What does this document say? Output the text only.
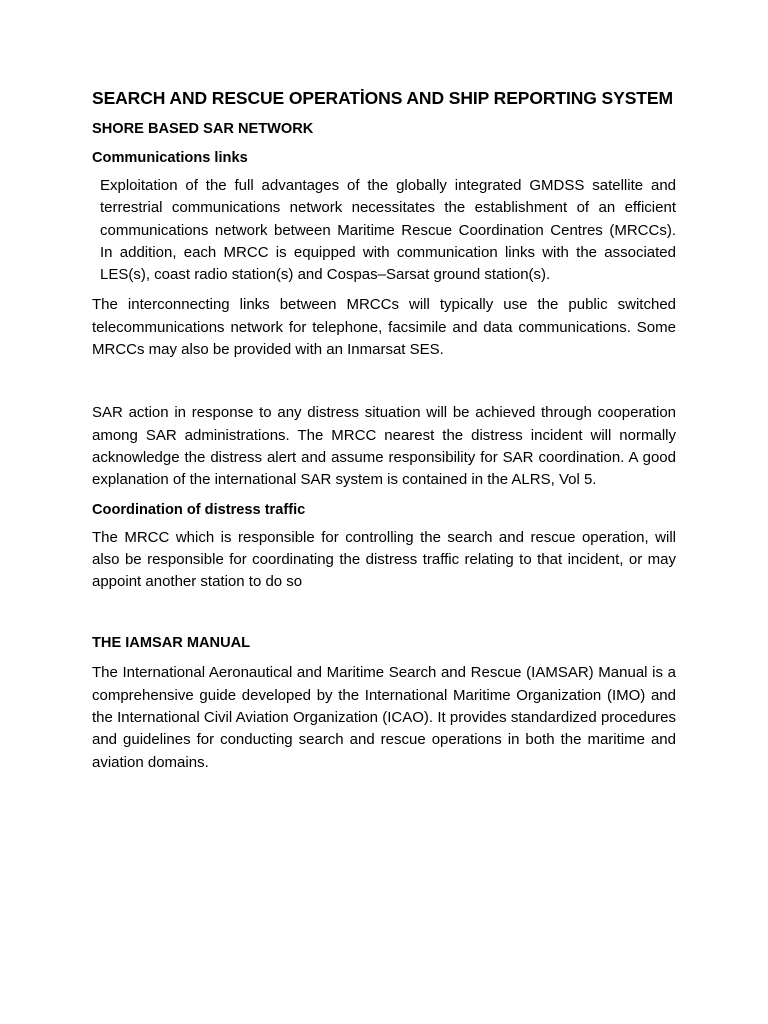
SEARCH AND RESCUE OPERATİONS AND SHIP REPORTING SYSTEM
SHORE BASED SAR NETWORK
Communications links

Exploitation of the full advantages of the globally integrated GMDSS satellite and terrestrial communications network necessitates the establishment of an efficient communications network between Maritime Rescue Coordination Centres (MRCCs). In addition, each MRCC is equipped with communication links with the associated LES(s), coast radio station(s) and Cospas–Sarsat ground station(s).

The interconnecting links between MRCCs will typically use the public switched telecommunications network for telephone, facsimile and data communications. Some MRCCs may also be provided with an Inmarsat SES.

SAR action in response to any distress situation will be achieved through cooperation among SAR administrations. The MRCC nearest the distress incident will normally acknowledge the distress alert and assume responsibility for SAR coordination. A good explanation of the international SAR system is contained in the ALRS, Vol 5.

Coordination of distress traffic

The MRCC which is responsible for controlling the search and rescue operation, will also be responsible for coordinating the distress traffic relating to that incident, or may appoint another station to do so

THE IAMSAR MANUAL

The International Aeronautical and Maritime Search and Rescue (IAMSAR) Manual is a comprehensive guide developed by the International Maritime Organization (IMO) and the International Civil Aviation Organization (ICAO). It provides standardized procedures and guidelines for conducting search and rescue operations in both the maritime and aviation domains.
